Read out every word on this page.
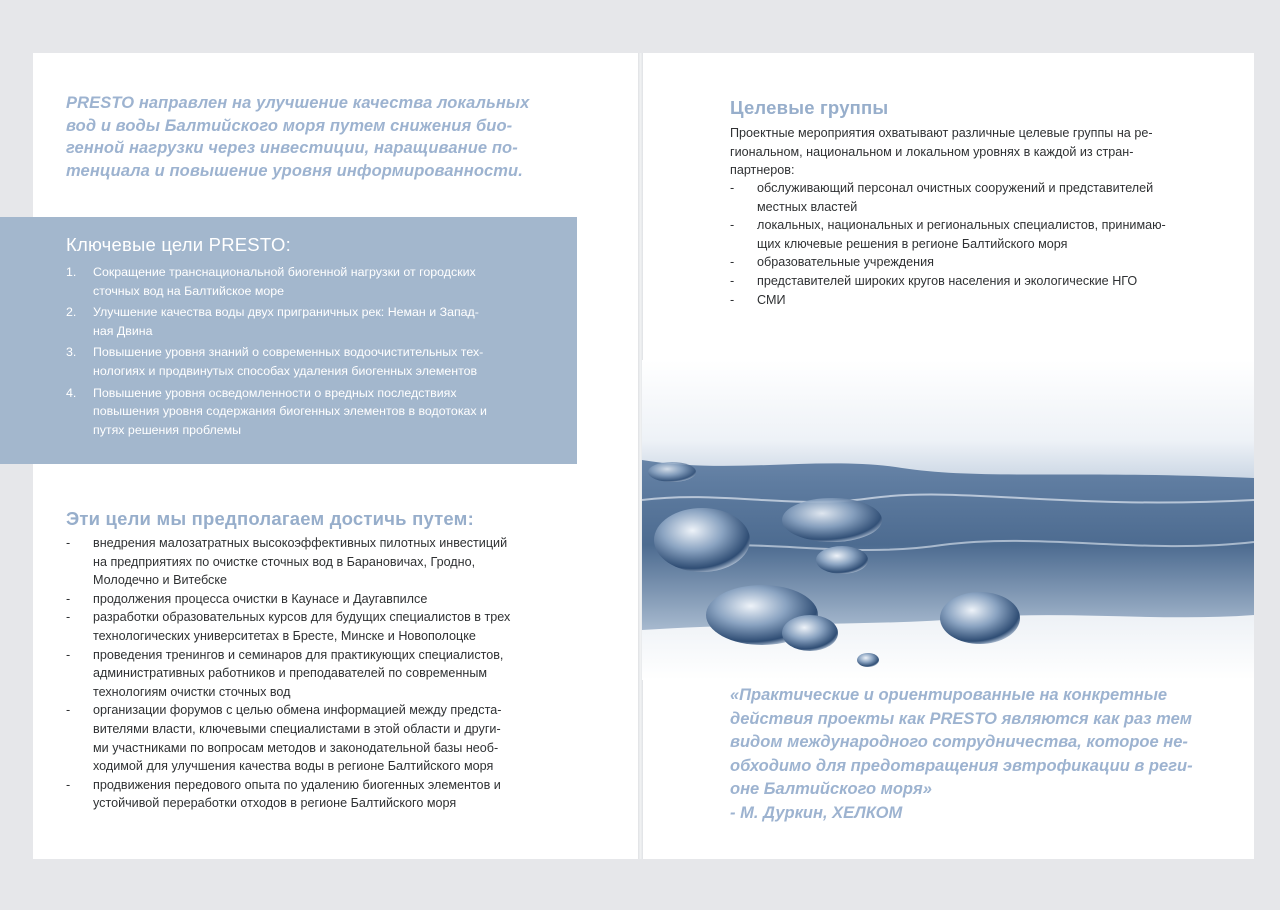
PRESTO направлен на улучшение качества локальных
вод и воды Балтийского моря путем снижения био-
генной нагрузки через инвестиции, наращивание по-
тенциала и повышение уровня информированности.

Ключевые цели PRESTO:
1.	Сокращение транснациональной биогенной нагрузки от городских
сточных вод на Балтийское море
2.	Улучшение качества воды двух приграничных рек: Неман и Запад-
ная Двина
3.	Повышение уровня знаний о современных водоочистительных тех-
нологиях и продвинутых способах удаления биогенных элементов
4.	Повышение уровня осведомленности о вредных последствиях
повышения уровня содержания биогенных элементов в водотоках и
путях решения проблемы
Эти цели мы предполагаем достичь путем:
-	внедрения малозатратных высокоэффективных пилотных инвестиций
на предприятиях по очистке сточных вод в Барановичах, Гродно,
Молодечно и Витебске
-	продолжения процесса очистки в Каунасе и Даугавпилсе
-	разработки образовательных курсов для будущих специалистов в трех
технологических университетах в Бресте, Минске и Новополоцке
-	проведения тренингов и семинаров для практикующих специалистов,
административных работников и преподавателей по современным
технологиям очистки сточных вод
-	организации форумов с целью обмена информацией между предста-
вителями власти, ключевыми специалистами в этой области и други-
ми участниками по вопросам методов и законодательной базы необ-
ходимой для улучшения качества воды в регионе Балтийского моря
-	продвижения передового опыта по удалению биогенных элементов и
устойчивой переработки отходов в регионе Балтийского моря
Целевые группы

Проектные мероприятия охватывают различные целевые группы на ре-
гиональном, национальном и локальном уровнях в каждой из стран-
партнеров:

-	обслуживающий персонал очистных сооружений и представителей
местных властей
-	локальных, национальных и региональных специалистов, принимаю-
щих ключевые решения в регионе Балтийского моря
-	образовательные учреждения
-	представителей широких кругов населения и экологические НГО
-	СМИ

«Практические и ориентированные на конкретные
действия проекты как PRESTO являются как раз тем
видом международного сотрудничества, которое не-
обходимо для предотвращения эвтрофикации в реги-
оне Балтийского моря»

- М. Дуркин, ХЕЛКОМ
